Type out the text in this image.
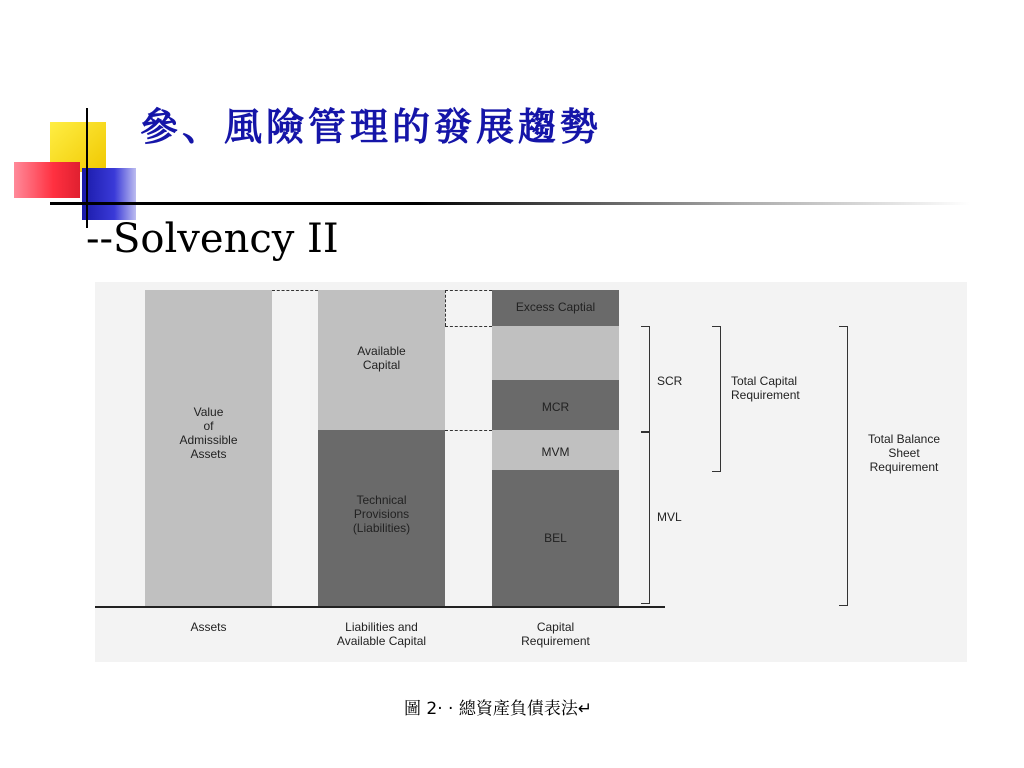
參、風險管理的發展趨勢
--Solvency II
Value
of
Admissible
Assets
Available
Capital
Technical
Provisions
(Liabilities)
Excess Captial
MCR
MVM
BEL
Assets	Liabilities and
Available Capital
Capital
Requirement
SCR
MVL
Total Capital
Requirement
Total Balance
Sheet
Requirement
圖 2· · 總資產負債表法↵
